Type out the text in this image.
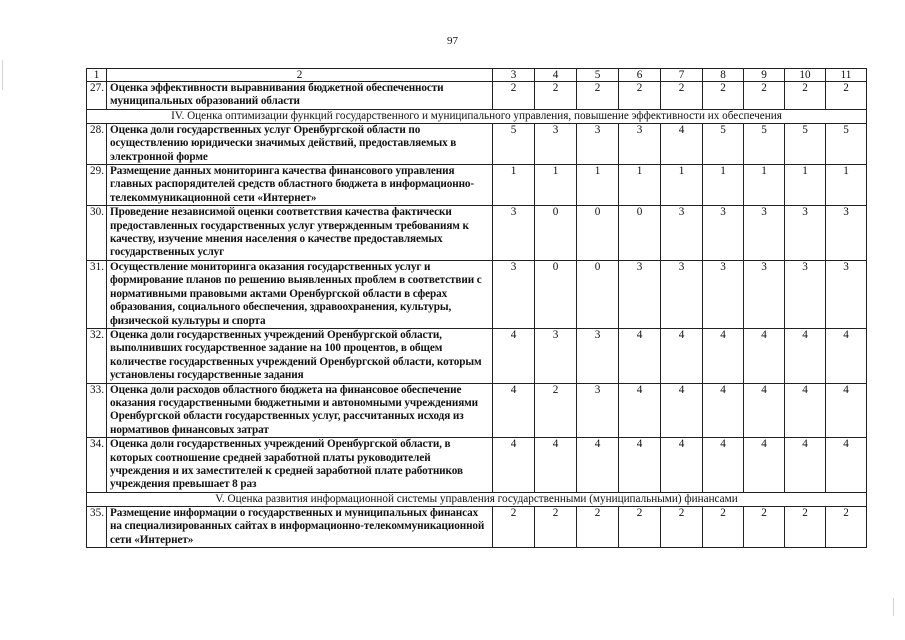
97
1	2	3	4	5	6	7	8	9	10	11
27.	Оценка эффективности выравнивания бюджетной обеспеченности муниципальных образований области	2	2	2	2	2	2	2	2	2
IV. Оценка оптимизации функций государственного и муниципального управления, повышение эффективности их обеспечения										
28.	Оценка доли государственных услуг Оренбургской области по осуществлению юридически значимых действий, предоставляемых в электронной форме	5	3	3	3	4	5	5	5	5
29.	Размещение данных мониторинга качества финансового управления главных распорядителей средств областного бюджета в информационно-телекоммуникационной сети «Интернет»	1	1	1	1	1	1	1	1	1
30.	Проведение независимой оценки соответствия качества фактически предоставленных государственных услуг утвержденным требованиям к качеству, изучение мнения населения о качестве предоставляемых государственных услуг	3	0	0	0	3	3	3	3	3
31.	Осуществление мониторинга оказания государственных услуг и формирование планов по решению выявленных проблем в соответствии с нормативными правовыми актами Оренбургской области в сферах образования, социального обеспечения, здравоохранения, культуры, физической культуры и спорта	3	0	0	3	3	3	3	3	3
32.	Оценка доли государственных учреждений Оренбургской области, выполнивших государственное задание на 100 процентов, в общем количестве государственных учреждений Оренбургской области, которым установлены государственные задания	4	3	3	4	4	4	4	4	4
33.	Оценка доли расходов областного бюджета на финансовое обеспечение оказания государственными бюджетными и автономными учреждениями Оренбургской области государственных услуг, рассчитанных исходя из нормативов финансовых затрат	4	2	3	4	4	4	4	4	4
34.	Оценка доли государственных учреждений Оренбургской области, в которых соотношение средней заработной платы руководителей учреждения и их заместителей к средней заработной плате работников учреждения превышает 8 раз	4	4	4	4	4	4	4	4	4
V. Оценка развития информационной системы управления государственными (муниципальными) финансами										
35.	Размещение информации о государственных и муниципальных финансах на специализированных сайтах в информационно-телекоммуникационной сети «Интернет»	2	2	2	2	2	2	2	2	2
